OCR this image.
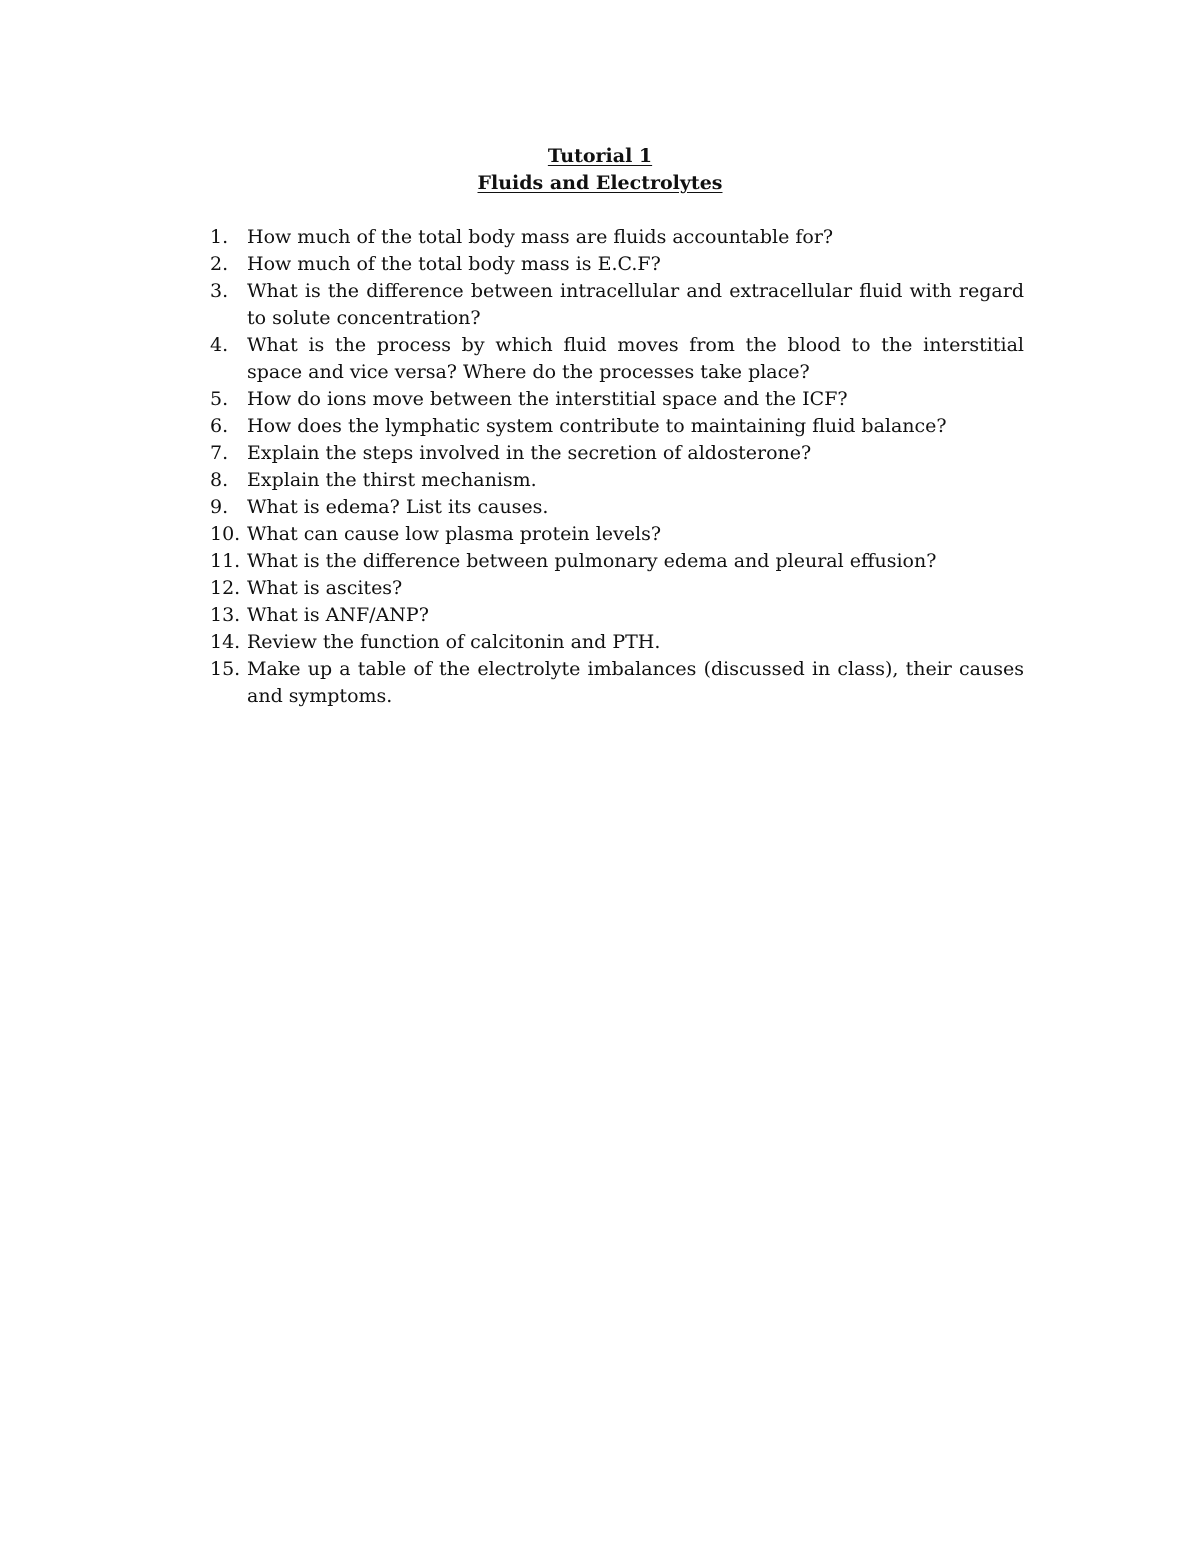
Tutorial 1
Fluids and Electrolytes
1. How much of the total body mass are fluids accountable for?
2. How much of the total body mass is E.C.F?
3. What is the difference between intracellular and extracellular fluid with regard to solute concentration?
4. What is the process by which fluid moves from the blood to the interstitial space and vice versa? Where do the processes take place?
5. How do ions move between the interstitial space and the ICF?
6. How does the lymphatic system contribute to maintaining fluid balance?
7. Explain the steps involved in the secretion of aldosterone?
8. Explain the thirst mechanism.
9. What is edema? List its causes.
10. What can cause low plasma protein levels?
11. What is the difference between pulmonary edema and pleural effusion?
12. What is ascites?
13. What is ANF/ANP?
14. Review the function of calcitonin and PTH.
15. Make up a table of the electrolyte imbalances (discussed in class), their causes and symptoms.
